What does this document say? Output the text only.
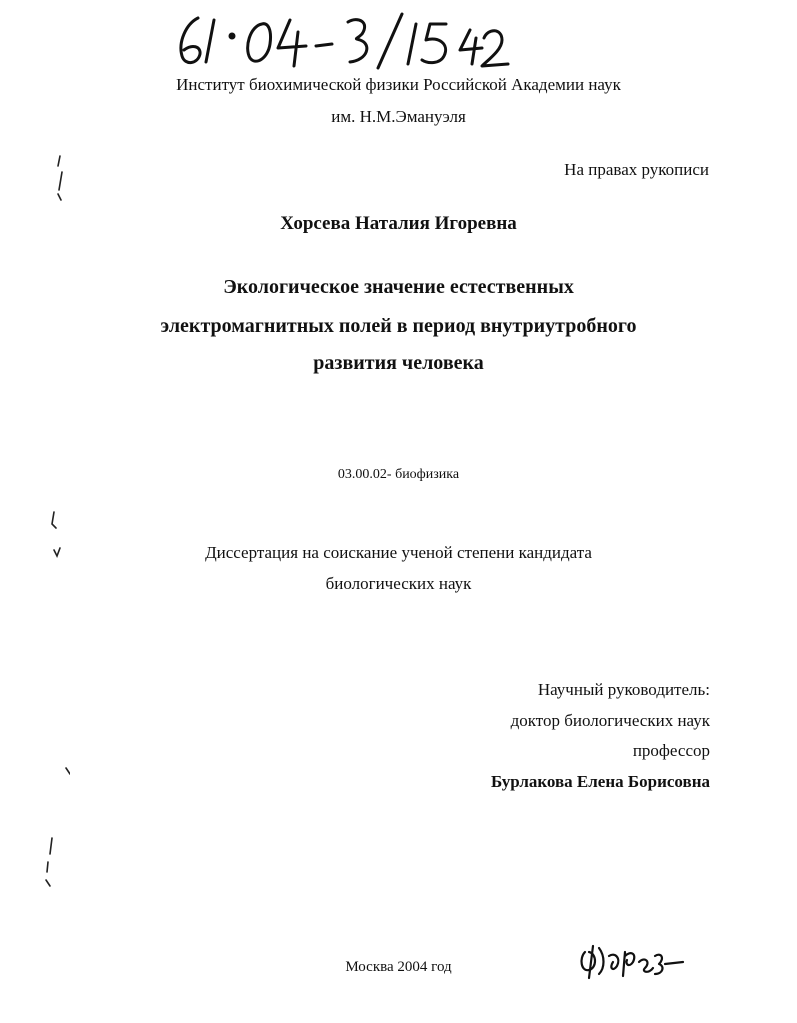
Институт биохимической физики Российской Академии наук
им. Н.М.Эмануэля
На правах рукописи
Хорсева Наталия Игоревна
Экологическое значение естественных
электромагнитных полей в период внутриутробного
развития человека
03.00.02- биофизика
Диссертация на соискание ученой степени кандидата
биологических наук
Научный руководитель:
доктор биологических наук
профессор
Бурлакова Елена Борисовна
Москва 2004 год
